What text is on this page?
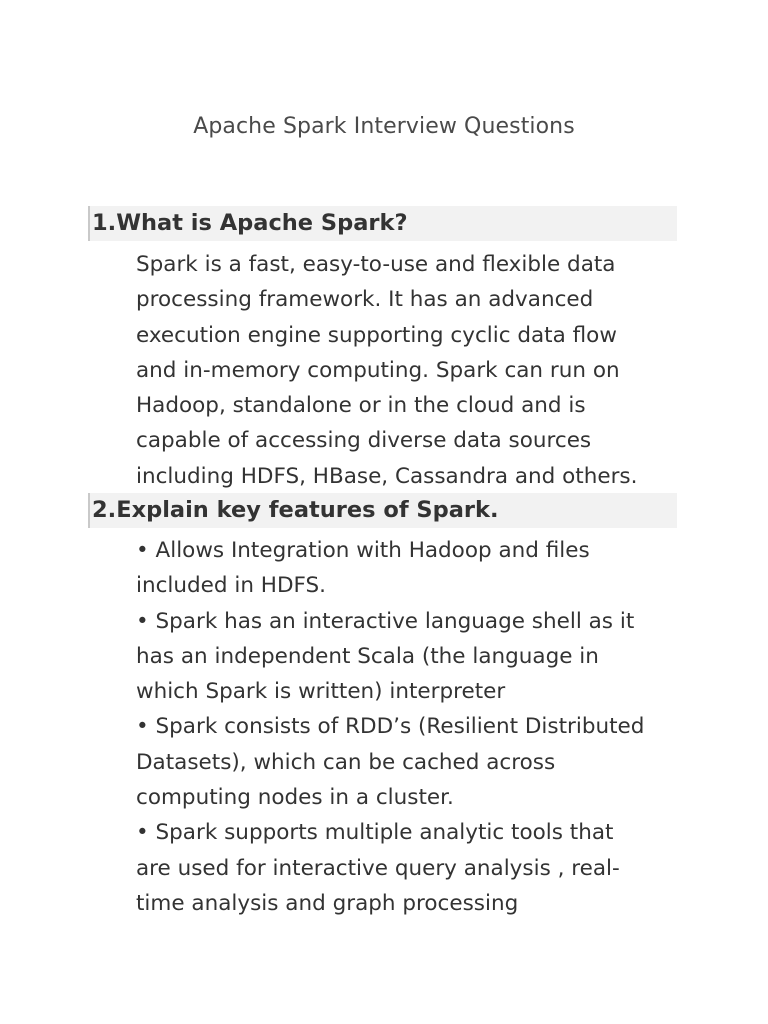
Apache Spark Interview Questions
1.What is Apache Spark?

Spark is a fast, easy-to-use and flexible data
processing framework. It has an advanced
execution engine supporting cyclic data flow
and in-memory computing. Spark can run on
Hadoop, standalone or in the cloud and is
capable of accessing diverse data sources
including HDFS, HBase, Cassandra and others.

2.Explain key features of Spark.
• Allows Integration with Hadoop and files
included in HDFS.
• Spark has an interactive language shell as it
has an independent Scala (the language in
which Spark is written) interpreter
• Spark consists of RDD’s (Resilient Distributed
Datasets), which can be cached across
computing nodes in a cluster.
• Spark supports multiple analytic tools that
are used for interactive query analysis , real-
time analysis and graph processing
